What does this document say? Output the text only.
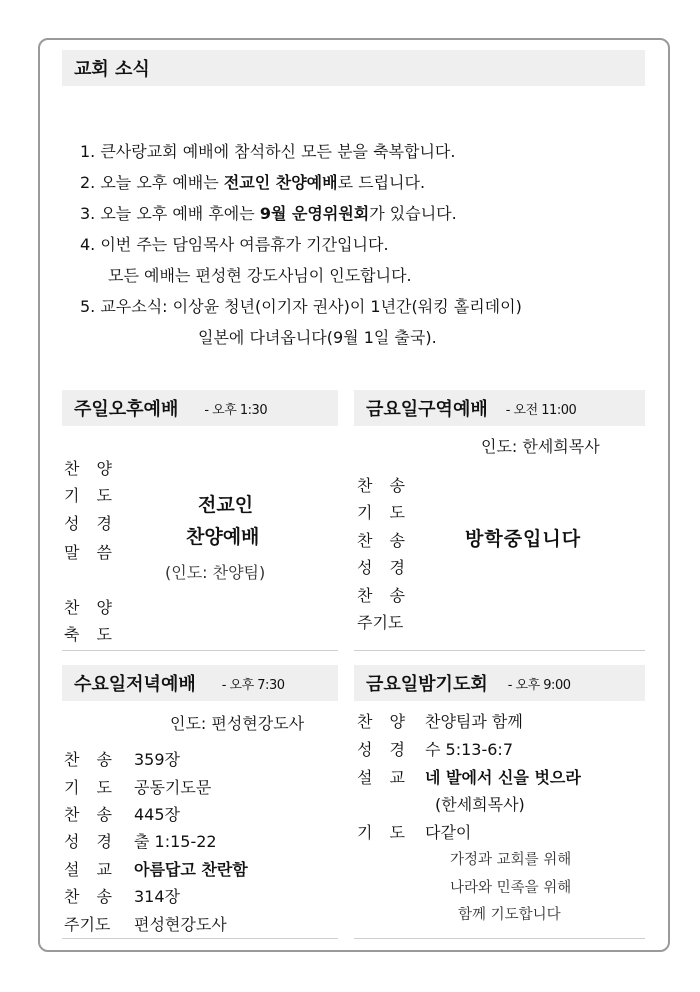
교회 소식
1. 큰사랑교회 예배에 참석하신 모든 분을 축복합니다.
2. 오늘 오후 예배는 전교인 찬양예배로 드립니다.
3. 오늘 오후 예배 후에는 9월 운영위원회가 있습니다.
4. 이번 주는 담임목사 여름휴가 기간입니다.
모든 예배는 편성현 강도사님이 인도합니다.
5. 교우소식: 이상윤 청년(이기자 권사)이 1년간(워킹 홀리데이)
일본에 다녀옵니다(9월 1일 출국).
주일오후예배 - 오후 1:30
찬 양
기 도
성 경
말 씀
찬 양
축 도
전교인
찬양예배
(인도: 찬양팀)
금요일구역예배 - 오전 11:00
인도: 한세희목사
찬 송
기 도
찬 송
성 경
찬 송
주기도
방학중입니다
수요일저녁예배 - 오후 7:30
인도: 편성현강도사
찬 송 359장
기 도 공동기도문
찬 송 445장
성 경 출 1:15-22
설 교 아름답고 찬란함
찬 송 314장
주기도 편성현강도사
금요일밤기도회 - 오후 9:00
찬 양 찬양팀과 함께
성 경 수 5:13-6:7
설 교 네 발에서 신을 벗으라
(한세희목사)
기 도 다같이
가정과 교회를 위해
나라와 민족을 위해
함께 기도합니다
